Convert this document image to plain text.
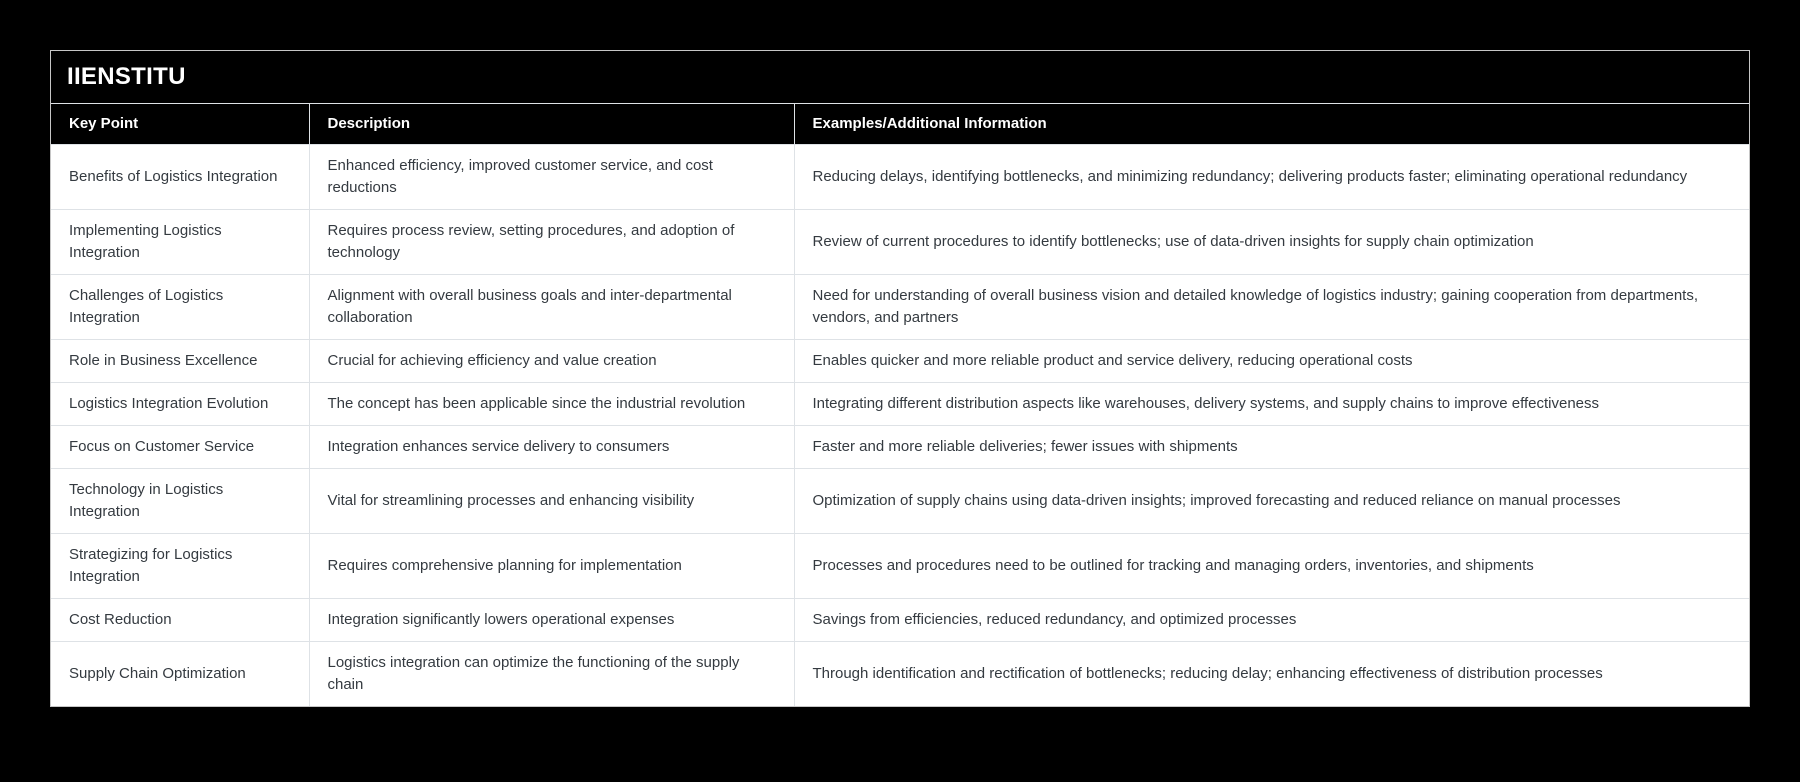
IIENSTITU
Key Point	Description	Examples/Additional Information
Benefits of Logistics Integration	Enhanced efficiency, improved customer service, and cost reductions	Reducing delays, identifying bottlenecks, and minimizing redundancy; delivering products faster; eliminating operational redundancy
Implementing Logistics Integration	Requires process review, setting procedures, and adoption of technology	Review of current procedures to identify bottlenecks; use of data-driven insights for supply chain optimization
Challenges of Logistics Integration	Alignment with overall business goals and inter-departmental collaboration	Need for understanding of overall business vision and detailed knowledge of logistics industry; gaining cooperation from departments, vendors, and partners
Role in Business Excellence	Crucial for achieving efficiency and value creation	Enables quicker and more reliable product and service delivery, reducing operational costs
Logistics Integration Evolution	The concept has been applicable since the industrial revolution	Integrating different distribution aspects like warehouses, delivery systems, and supply chains to improve effectiveness
Focus on Customer Service	Integration enhances service delivery to consumers	Faster and more reliable deliveries; fewer issues with shipments
Technology in Logistics Integration	Vital for streamlining processes and enhancing visibility	Optimization of supply chains using data-driven insights; improved forecasting and reduced reliance on manual processes
Strategizing for Logistics Integration	Requires comprehensive planning for implementation	Processes and procedures need to be outlined for tracking and managing orders, inventories, and shipments
Cost Reduction	Integration significantly lowers operational expenses	Savings from efficiencies, reduced redundancy, and optimized processes
Supply Chain Optimization	Logistics integration can optimize the functioning of the supply chain	Through identification and rectification of bottlenecks; reducing delay; enhancing effectiveness of distribution processes
